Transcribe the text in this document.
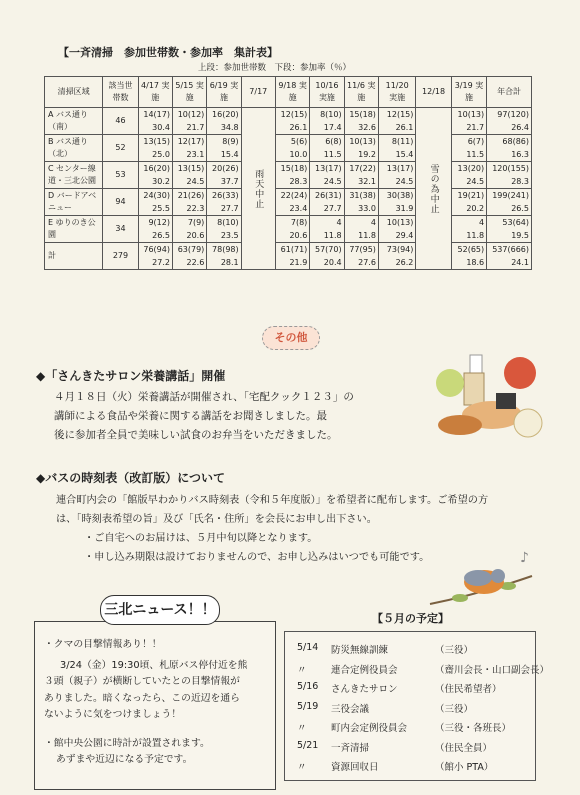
【一斉清掃　参加世帯数・参加率　集計表】
上段：参加世帯数　下段：参加率（％）
清掃区域	該当世帯数	4/17 実施	5/15 実施	6/19 実施	7/17	9/18 実施	10/16 実施	11/6 実施	11/20 実施	12/18	3/19 実施	年合計
A バス通り（南）	46	14(17)	10(12)	16(20)	雨天中止	12(15)	8(10)	15(18)	12(15)	雪の為中止	10(13)	97(120)
		30.4	21.7	34.8		26.1	17.4	32.6	26.1		21.7	26.4
B バス通り（北）	52	13(15)	12(17)	8(9)		5(6)	6(8)	10(13)	8(11)		6(7)	68(86)
		25.0	23.1	15.4		10.0	11.5	19.2	15.4		11.5	16.3
C センター線道・三北公園	53	16(20)	13(15)	20(26)		15(18)	13(17)	17(22)	13(17)		13(20)	120(155)
		30.2	24.5	37.7		28.3	24.5	32.1	24.5		24.5	28.3
D バードアベニュー	94	24(30)	21(26)	26(33)		22(24)	26(31)	31(38)	30(38)		19(21)	199(241)
		25.5	22.3	27.7		23.4	27.7	33.0	31.9		20.2	26.5
E ゆりのき公園	34	9(12)	7(9)	8(10)		7(8)	4	4	10(13)		4	53(64)
		26.5	20.6	23.5		20.6	11.8	11.8	29.4		11.8	19.5
計	279	76(94)	63(79)	78(98)		61(71)	57(70)	77(95)	73(94)		52(65)	537(666)
		27.2	22.6	28.1		21.9	20.4	27.6	26.2		18.6	24.1
その他
◆「さんきたサロン栄養講話」開催
４月１８日（火）栄養講話が開催され、「宅配クック１２３」の
講師による食品や栄養に関する講話をお聞きしました。最
後に参加者全員で美味しい試食のお弁当をいただきました。
◆バスの時刻表（改訂版）について
連合町内会の「館版早わかりバス時刻表（令和５年度版）」を希望者に配布します。ご希望の方
は、「時刻表希望の旨」及び「氏名・住所」を会長にお申し出下さい。
・ご自宅へのお届けは、５月中旬以降となります。
・申し込み期限は設けておりませんので、お申し込みはいつでも可能です。	♪
三北ニュース！！
・クマの目撃情報あり！！
3/24（金）19:30頃、札原バス停付近を熊
３頭（親子）が横断していたとの目撃情報が
ありました。暗くなったら、この近辺を通ら
ないように気をつけましょう！
・館中央公園に時計が設置されます。
あずまや近辺になる予定です。
【５月の予定】
5/14 防災無線訓練	（三役）
〃	連合定例役員会	（齋川会長・山口副会長）
5/16 さんきたサロン	（住民希望者）
5/19 三役会議	（三役）
〃	町内会定例役員会	（三役・各班長）
5/21 一斉清掃	（住民全員）
〃	資源回収日	（館小 PTA）
